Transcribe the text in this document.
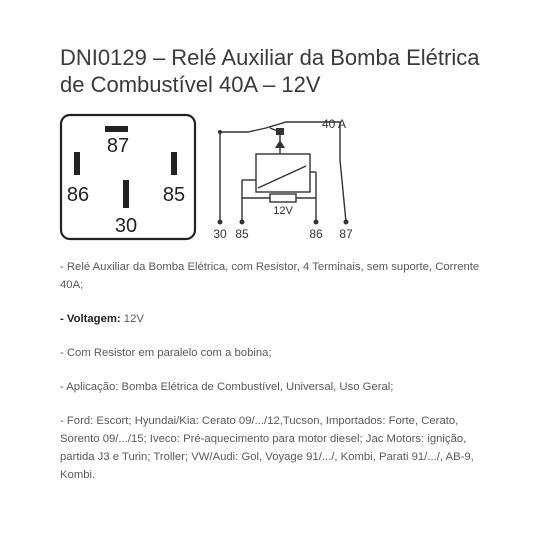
DNI0129 – Relé Auxiliar da Bomba Elétrica
de Combustível 40A – 12V
87
86	85
30
40 A
12V
30 85	86 87

- Relé Auxiliar da Bomba Elétrica, com Resistor, 4 Terminais, sem suporte, Corrente 40A;

- Voltagem: 12V

- Com Resistor em paralelo com a bobina;

- Aplicação: Bomba Elétrica de Combustível, Universal, Uso Geral;

- Ford: Escort; Hyundai/Kia: Cerato 09/.../12,Tucson, Importados: Forte, Cerato, Sorento 09/.../15; Iveco: Pré-aquecimento para motor diesel; Jac Motors: ignição, partida J3 e Turin; Troller; VW/Audi: Gol, Voyage 91/.../, Kombi, Parati 91/.../, AB-9, Kombi.
